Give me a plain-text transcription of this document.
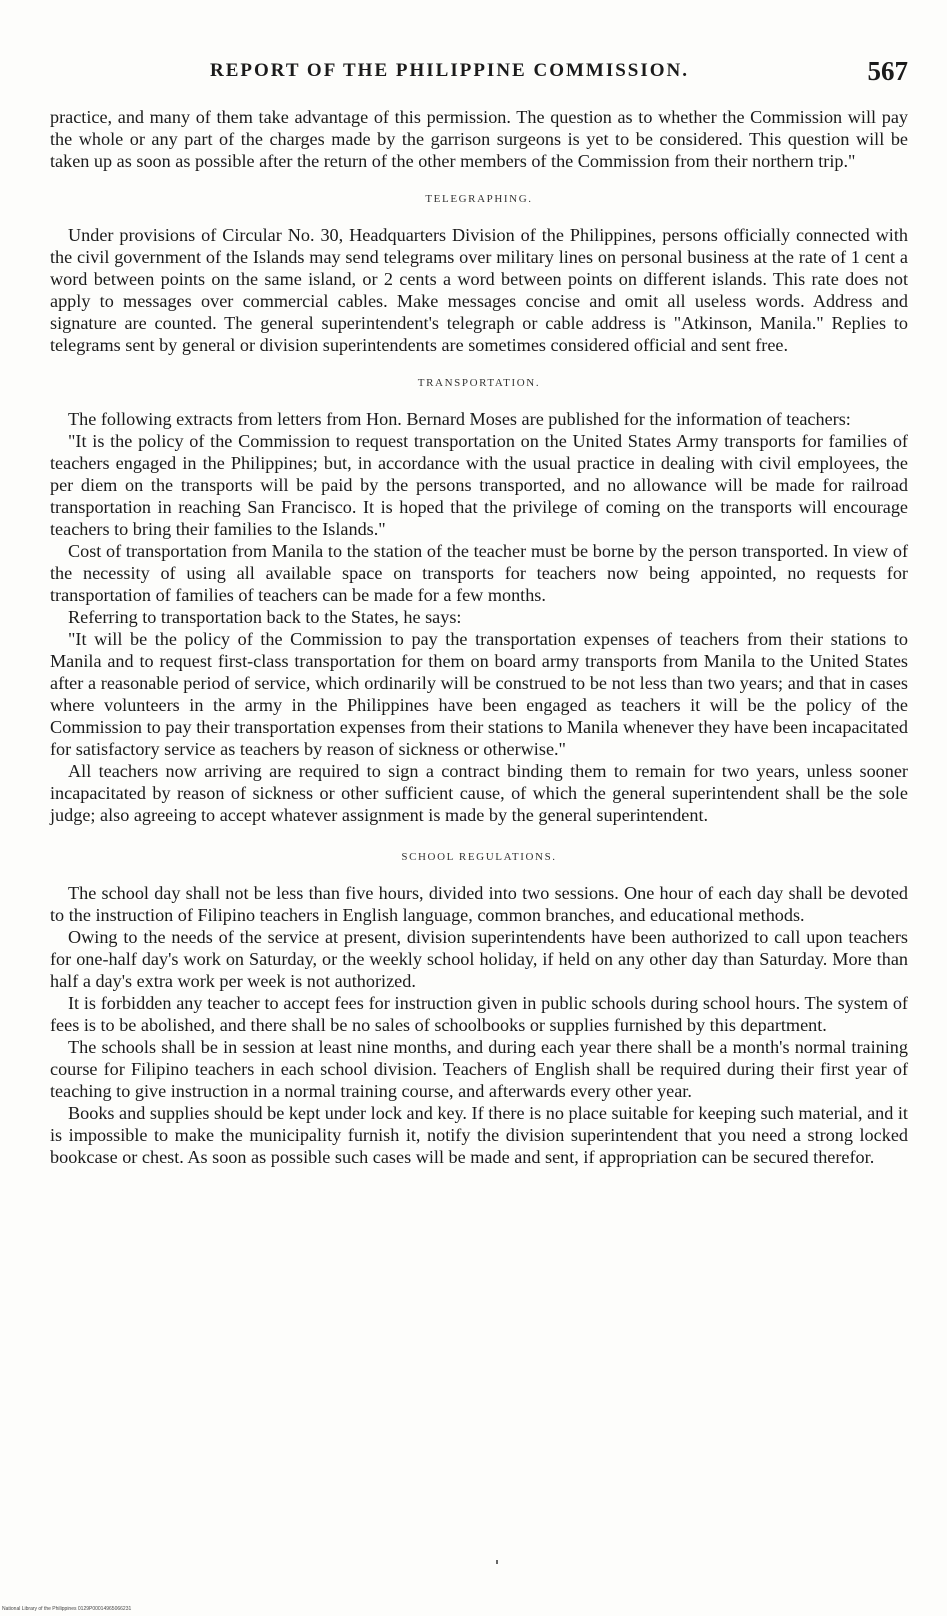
REPORT OF THE PHILIPPINE COMMISSION.	567

practice, and many of them take advantage of this permission. The question as to whether the Commission will pay the whole or any part of the charges made by the garrison surgeons is yet to be considered. This question will be taken up as soon as possible after the return of the other members of the Commission from their northern trip."

TELEGRAPHING.

Under provisions of Circular No. 30, Headquarters Division of the Philippines, persons officially connected with the civil government of the Islands may send telegrams over military lines on personal business at the rate of 1 cent a word between points on the same island, or 2 cents a word between points on different islands. This rate does not apply to messages over commercial cables. Make messages concise and omit all useless words. Address and signature are counted. The general superintendent's telegraph or cable address is "Atkinson, Manila." Replies to telegrams sent by general or division superintendents are sometimes considered official and sent free.

TRANSPORTATION.

The following extracts from letters from Hon. Bernard Moses are published for the information of teachers:

"It is the policy of the Commission to request transportation on the United States Army transports for families of teachers engaged in the Philippines; but, in accordance with the usual practice in dealing with civil employees, the per diem on the transports will be paid by the persons transported, and no allowance will be made for railroad transportation in reaching San Francisco. It is hoped that the privilege of coming on the transports will encourage teachers to bring their families to the Islands."

Cost of transportation from Manila to the station of the teacher must be borne by the person transported. In view of the necessity of using all available space on transports for teachers now being appointed, no requests for transportation of families of teachers can be made for a few months.

Referring to transportation back to the States, he says:

"It will be the policy of the Commission to pay the transportation expenses of teachers from their stations to Manila and to request first-class transportation for them on board army transports from Manila to the United States after a reasonable period of service, which ordinarily will be construed to be not less than two years; and that in cases where volunteers in the army in the Philippines have been engaged as teachers it will be the policy of the Commission to pay their transportation expenses from their stations to Manila whenever they have been incapacitated for satisfactory service as teachers by reason of sickness or otherwise."

All teachers now arriving are required to sign a contract binding them to remain for two years, unless sooner incapacitated by reason of sickness or other sufficient cause, of which the general superintendent shall be the sole judge; also agreeing to accept whatever assignment is made by the general superintendent.

SCHOOL REGULATIONS.

The school day shall not be less than five hours, divided into two sessions. One hour of each day shall be devoted to the instruction of Filipino teachers in English language, common branches, and educational methods.

Owing to the needs of the service at present, division superintendents have been authorized to call upon teachers for one-half day's work on Saturday, or the weekly school holiday, if held on any other day than Saturday. More than half a day's extra work per week is not authorized.

It is forbidden any teacher to accept fees for instruction given in public schools during school hours. The system of fees is to be abolished, and there shall be no sales of schoolbooks or supplies furnished by this department.

The schools shall be in session at least nine months, and during each year there shall be a month's normal training course for Filipino teachers in each school division. Teachers of English shall be required during their first year of teaching to give instruction in a normal training course, and afterwards every other year.

Books and supplies should be kept under lock and key. If there is no place suitable for keeping such material, and it is impossible to make the municipality furnish it, notify the division superintendent that you need a strong locked bookcase or chest. As soon as possible such cases will be made and sent, if appropriation can be secured therefor.

National Library of the Philippines 0129P00014965066231
